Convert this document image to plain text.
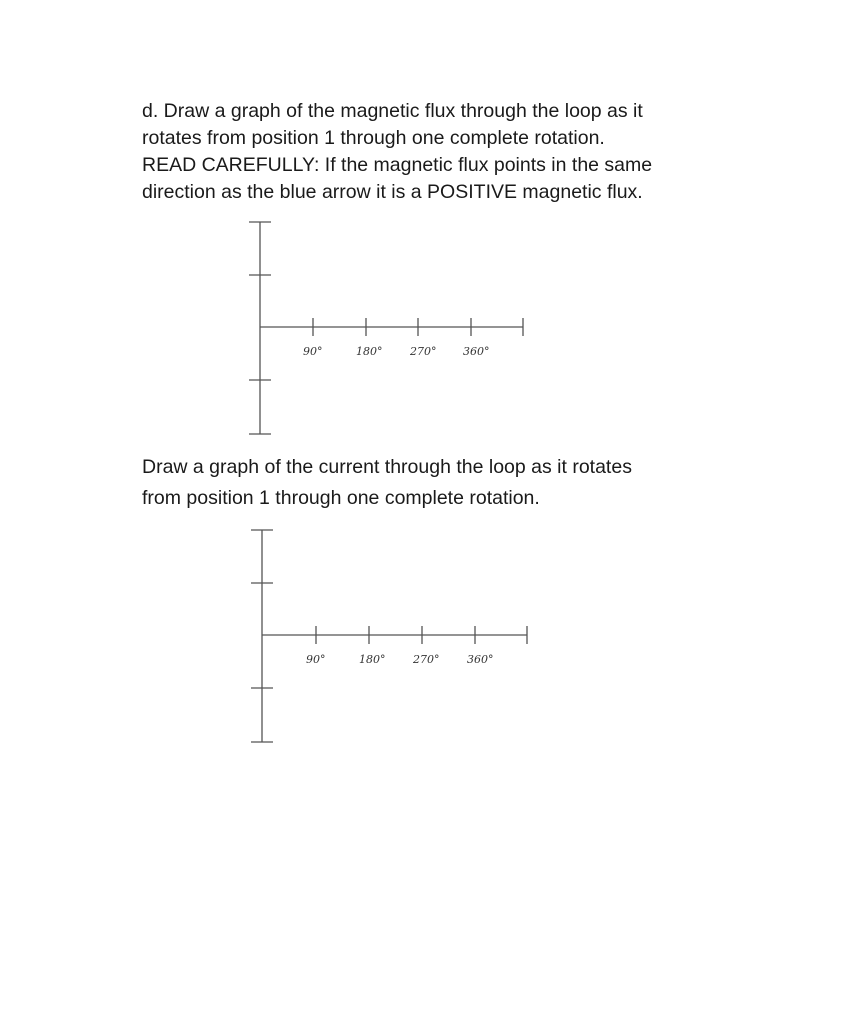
d. Draw a graph of the magnetic flux through the loop as it
rotates from position 1 through one complete rotation.
READ CAREFULLY: If the magnetic flux points in the same
direction as the blue arrow it is a POSITIVE magnetic flux.

90°	180°	270° 360°

Draw a graph of the current through the loop as it rotates
from position 1 through one complete rotation.

90°	180°	270°	360°
